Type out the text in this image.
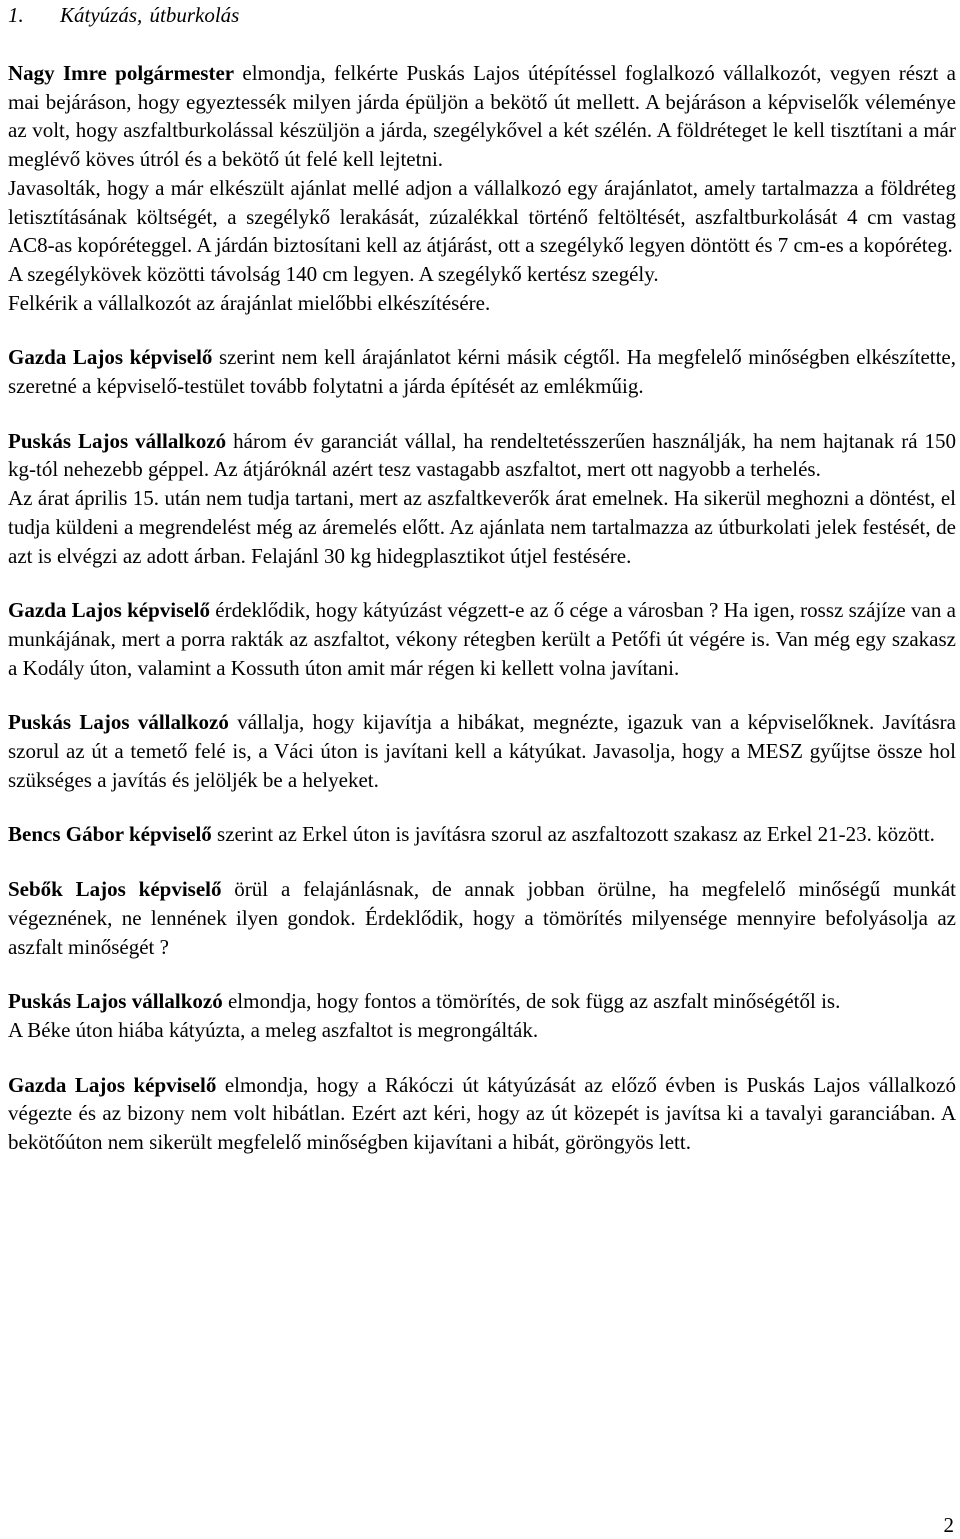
1. Kátyúzás, útburkolás

Nagy Imre polgármester elmondja, felkérte Puskás Lajos útépítéssel foglalkozó vállalkozót, vegyen részt a mai bejáráson, hogy egyeztessék milyen járda épüljön a bekötő út mellett. A bejáráson a képviselők véleménye az volt, hogy aszfaltburkolással készüljön a járda, szegélykővel a két szélén. A földréteget le kell tisztítani a már meglévő köves útról és a bekötő út felé kell lejtetni.

Javasolták, hogy a már elkészült ajánlat mellé adjon a vállalkozó egy árajánlatot, amely tartalmazza a földréteg letisztításának költségét, a szegélykő lerakását, zúzalékkal történő feltöltését, aszfaltburkolását 4 cm vastag AC8-as kopóréteggel. A járdán biztosítani kell az átjárást, ott a szegélykő legyen döntött és 7 cm-es a kopóréteg.

A szegélykövek közötti távolság 140 cm legyen. A szegélykő kertész szegély.

Felkérik a vállalkozót az árajánlat mielőbbi elkészítésére.

Gazda Lajos képviselő szerint nem kell árajánlatot kérni másik cégtől. Ha megfelelő minőségben elkészítette, szeretné a képviselő-testület tovább folytatni a járda építését az emlékműig.

Puskás Lajos vállalkozó három év garanciát vállal, ha rendeltetésszerűen használják, ha nem hajtanak rá 150 kg-tól nehezebb géppel. Az átjáróknál azért tesz vastagabb aszfaltot, mert ott nagyobb a terhelés.

Az árat április 15. után nem tudja tartani, mert az aszfaltkeverők árat emelnek. Ha sikerül meghozni a döntést, el tudja küldeni a megrendelést még az áremelés előtt. Az ajánlata nem tartalmazza az útburkolati jelek festését, de azt is elvégzi az adott árban. Felajánl 30 kg hidegplasztikot útjel festésére.

Gazda Lajos képviselő érdeklődik, hogy kátyúzást végzett-e az ő cége a városban ? Ha igen, rossz szájíze van a munkájának, mert a porra rakták az aszfaltot, vékony rétegben került a Petőfi út végére is. Van még egy szakasz a Kodály úton, valamint a Kossuth úton amit már régen ki kellett volna javítani.

Puskás Lajos vállalkozó vállalja, hogy kijavítja a hibákat, megnézte, igazuk van a képviselőknek. Javításra szorul az út a temető felé is, a Váci úton is javítani kell a kátyúkat. Javasolja, hogy a MESZ gyűjtse össze hol szükséges a javítás és jelöljék be a helyeket.

Bencs Gábor képviselő szerint az Erkel úton is javításra szorul az aszfaltozott szakasz az Erkel 21-23. között.

Sebők Lajos képviselő örül a felajánlásnak, de annak jobban örülne, ha megfelelő minőségű munkát végeznének, ne lennének ilyen gondok. Érdeklődik, hogy a tömörítés milyensége mennyire befolyásolja az aszfalt minőségét ?

Puskás Lajos vállalkozó elmondja, hogy fontos a tömörítés, de sok függ az aszfalt minőségétől is.

A Béke úton hiába kátyúzta, a meleg aszfaltot is megrongálták.

Gazda Lajos képviselő elmondja, hogy a Rákóczi út kátyúzását az előző évben is Puskás Lajos vállalkozó végezte és az bizony nem volt hibátlan. Ezért azt kéri, hogy az út közepét is javítsa ki a tavalyi garanciában. A bekötőúton nem sikerült megfelelő minőségben kijavítani a hibát, göröngyös lett.

2
